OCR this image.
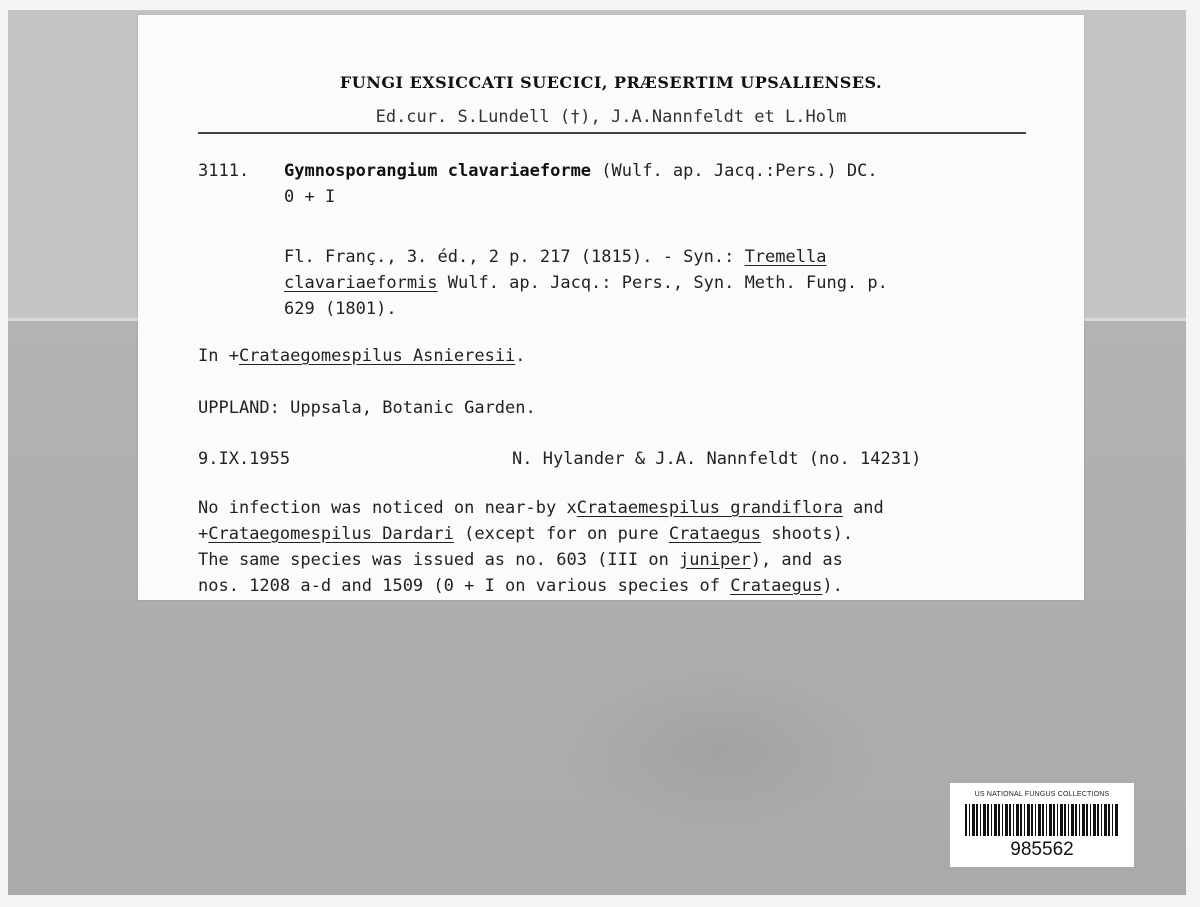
FUNGI EXSICCATI SUECICI, PRÆSERTIM UPSALIENSES.
Ed.cur. S.Lundell (†), J.A.Nannfeldt et L.Holm
3111. Gymnosporangium clavariaeforme (Wulf. ap. Jacq.:Pers.) DC.
0 + I
Fl. Franç., 3. éd., 2 p. 217 (1815). - Syn.: Tremella
clavariaeformis Wulf. ap. Jacq.: Pers., Syn. Meth. Fung. p.
629 (1801).
In +Crataegomespilus Asnieresii.
UPPLAND: Uppsala, Botanic Garden.
9.IX.1955	N. Hylander & J.A. Nannfeldt (no. 14231)
No infection was noticed on near-by xCrataemespilus grandiflora and
+Crataegomespilus Dardari (except for on pure Crataegus shoots).
The same species was issued as no. 603 (III on juniper), and as
nos. 1208 a-d and 1509 (0 + I on various species of Crataegus).
US NATIONAL FUNGUS COLLECTIONS
985562
